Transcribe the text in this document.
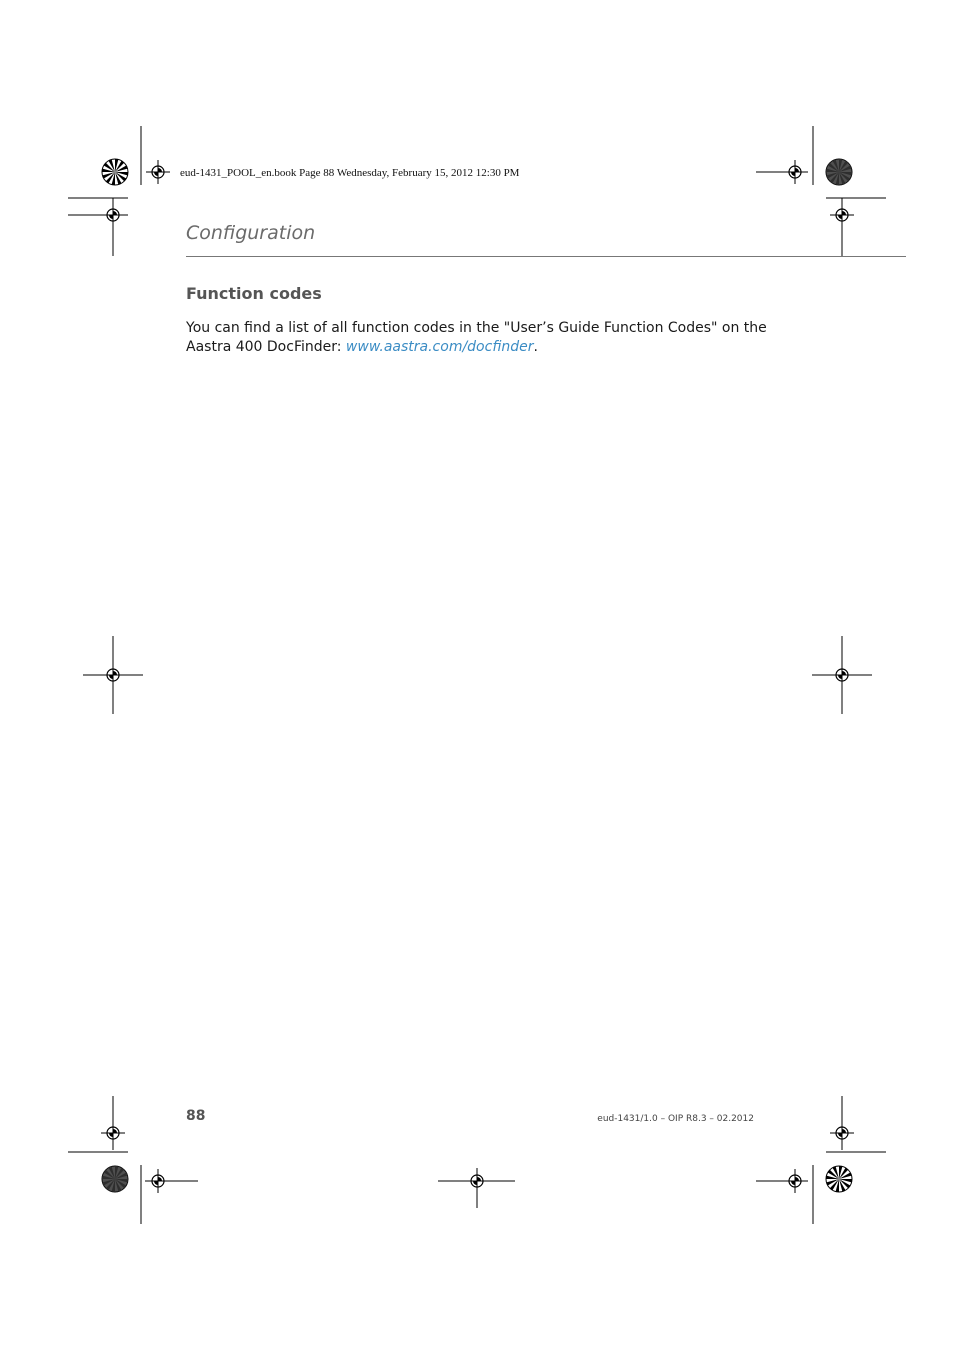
eud-1431_POOL_en.book Page 88 Wednesday, February 15, 2012 12:30 PM
Configuration
Function codes

You can find a list of all function codes in the "User’s Guide Function Codes" on the Aastra 400 DocFinder: www.aastra.com/docfinder.

88	eud-1431/1.0 – OIP R8.3 – 02.2012
